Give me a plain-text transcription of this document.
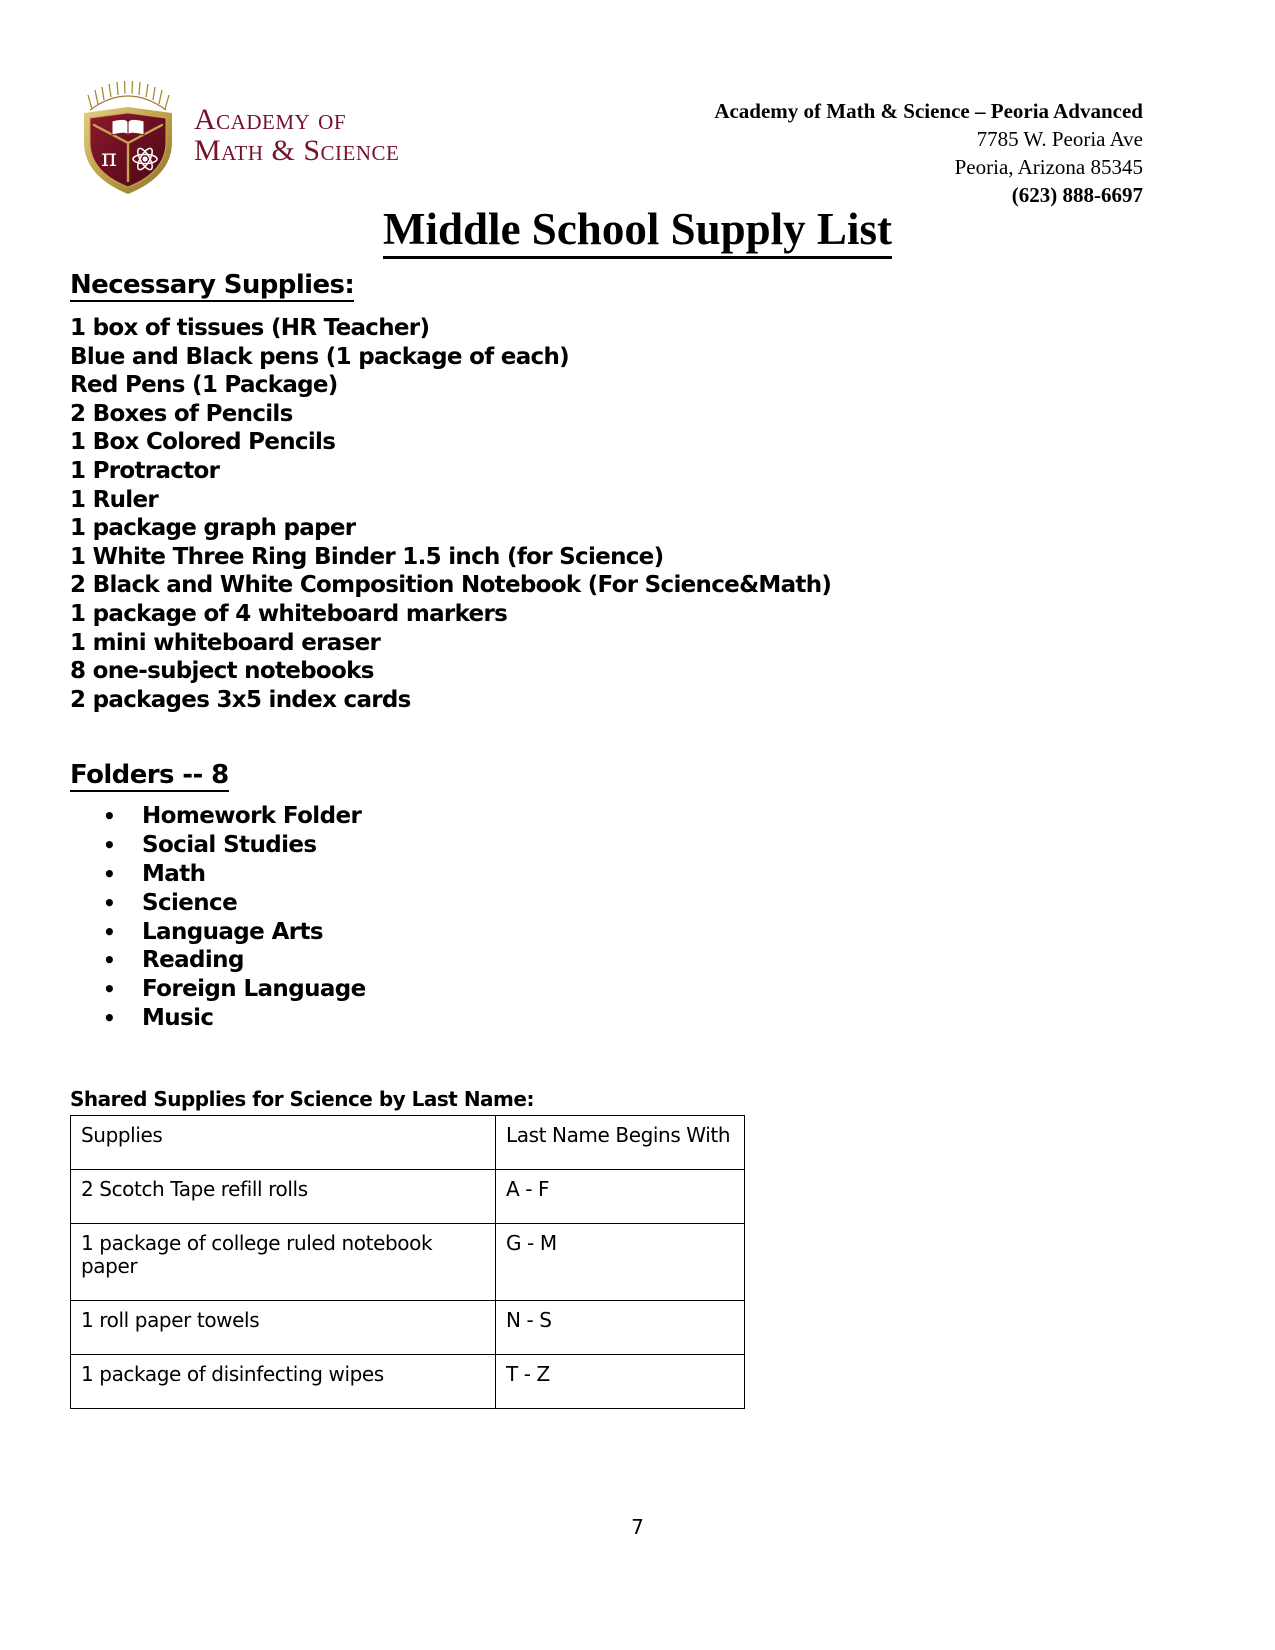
π
Academy of
Math & Science
Academy of Math & Science – Peoria Advanced
7785 W. Peoria Ave
Peoria, Arizona 85345
(623) 888-6697
Middle School Supply List
Necessary Supplies:
1 box of tissues (HR Teacher)
Blue and Black pens (1 package of each)
Red Pens (1 Package)
2 Boxes of Pencils
1 Box Colored Pencils
1 Protractor
1 Ruler
1 package graph paper
1 White Three Ring Binder 1.5 inch (for Science)
2 Black and White Composition Notebook (For Science&Math)
1 package of 4 whiteboard markers
1 mini whiteboard eraser
8 one-subject notebooks
2 packages 3x5 index cards
Folders -- 8
• Homework Folder
• Social Studies
• Math
• Science
• Language Arts
• Reading
• Foreign Language
• Music
Shared Supplies for Science by Last Name:
Supplies	Last Name Begins With
2 Scotch Tape refill rolls	A - F
1 package of college ruled notebook paper	G - M
1 roll paper towels	N - S
1 package of disinfecting wipes	T - Z
7
